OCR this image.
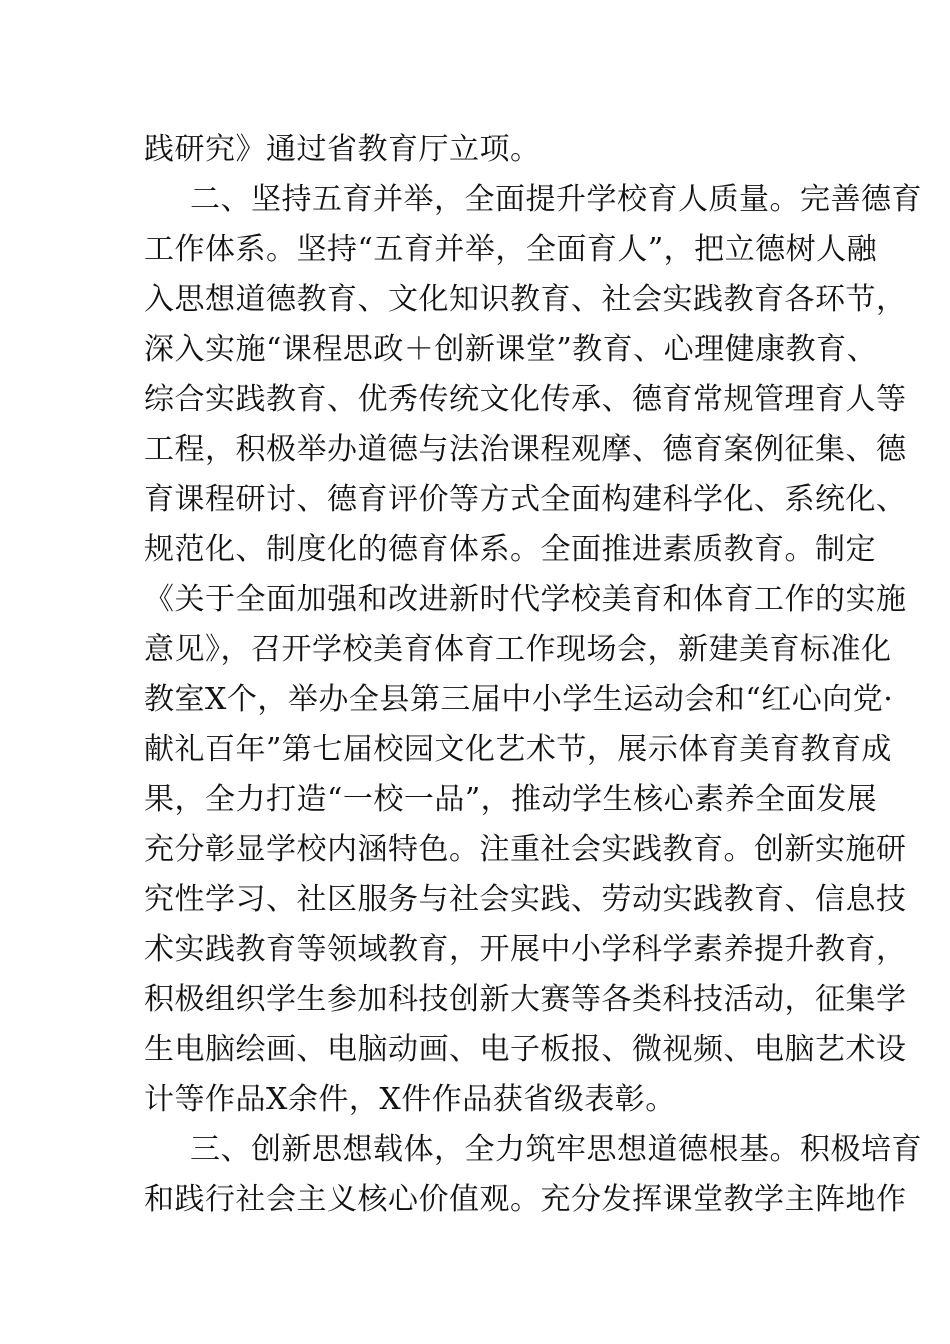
践研究》通过省教育厅立项。
二、坚持五育并举，全面提升学校育人质量。完善德育
工作体系。坚持“五育并举，全面育人”，把立德树人融
入思想道德教育、文化知识教育、社会实践教育各环节，
深入实施“课程思政＋创新课堂”教育、心理健康教育、
综合实践教育、优秀传统文化传承、德育常规管理育人等
工程，积极举办道德与法治课程观摩、德育案例征集、德
育课程研讨、德育评价等方式全面构建科学化、系统化、
规范化、制度化的德育体系。全面推进素质教育。制定
《关于全面加强和改进新时代学校美育和体育工作的实施
意见》，召开学校美育体育工作现场会，新建美育标准化
教室X个，举办全县第三届中小学生运动会和“红心向党·
献礼百年”第七届校园文化艺术节，展示体育美育教育成
果，全力打造“一校一品”，推动学生核心素养全面发展
充分彰显学校内涵特色。注重社会实践教育。创新实施研
究性学习、社区服务与社会实践、劳动实践教育、信息技
术实践教育等领域教育，开展中小学科学素养提升教育，
积极组织学生参加科技创新大赛等各类科技活动，征集学
生电脑绘画、电脑动画、电子板报、微视频、电脑艺术设
计等作品X余件，X件作品获省级表彰。
三、创新思想载体，全力筑牢思想道德根基。积极培育
和践行社会主义核心价值观。充分发挥课堂教学主阵地作
